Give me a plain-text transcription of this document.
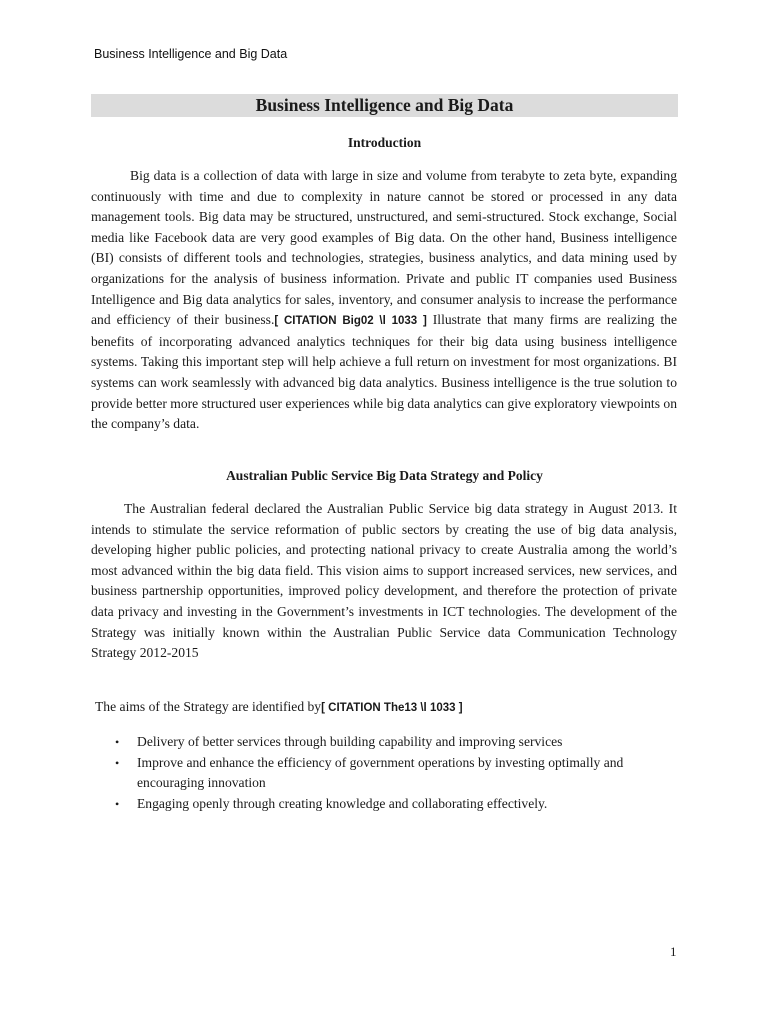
Business Intelligence and Big Data
Business Intelligence and Big Data
Introduction
Big data is a collection of data with large in size and volume from terabyte to zeta byte, expanding continuously with time and due to complexity in nature cannot be stored or processed in any data management tools. Big data may be structured, unstructured, and semi-structured. Stock exchange, Social media like Facebook data are very good examples of Big data. On the other hand, Business intelligence (BI) consists of different tools and technologies, strategies, business analytics, and data mining used by organizations for the analysis of business information. Private and public IT companies used Business Intelligence and Big data analytics for sales, inventory, and consumer analysis to increase the performance and efficiency of their business.[ CITATION Big02 \l 1033 ] Illustrate that many firms are realizing the benefits of incorporating advanced analytics techniques for their big data using business intelligence systems. Taking this important step will help achieve a full return on investment for most organizations. BI systems can work seamlessly with advanced big data analytics. Business intelligence is the true solution to provide better more structured user experiences while big data analytics can give exploratory viewpoints on the company’s data.
Australian Public Service Big Data Strategy and Policy
The Australian federal declared the Australian Public Service big data strategy in August 2013. It intends to stimulate the service reformation of public sectors by creating the use of big data analysis, developing higher public policies, and protecting national privacy to create Australia among the world’s most advanced within the big data field. This vision aims to support increased services, new services, and business partnership opportunities, improved policy development, and therefore the protection of private data privacy and investing in the Government’s investments in ICT technologies. The development of the Strategy was initially known within the Australian Public Service data Communication Technology Strategy 2012-2015
The aims of the Strategy are identified by[ CITATION The13 \l 1033 ]
• Delivery of better services through building capability and improving services
• Improve and enhance the efficiency of government operations by investing optimally and encouraging innovation
• Engaging openly through creating knowledge and collaborating effectively.
1
